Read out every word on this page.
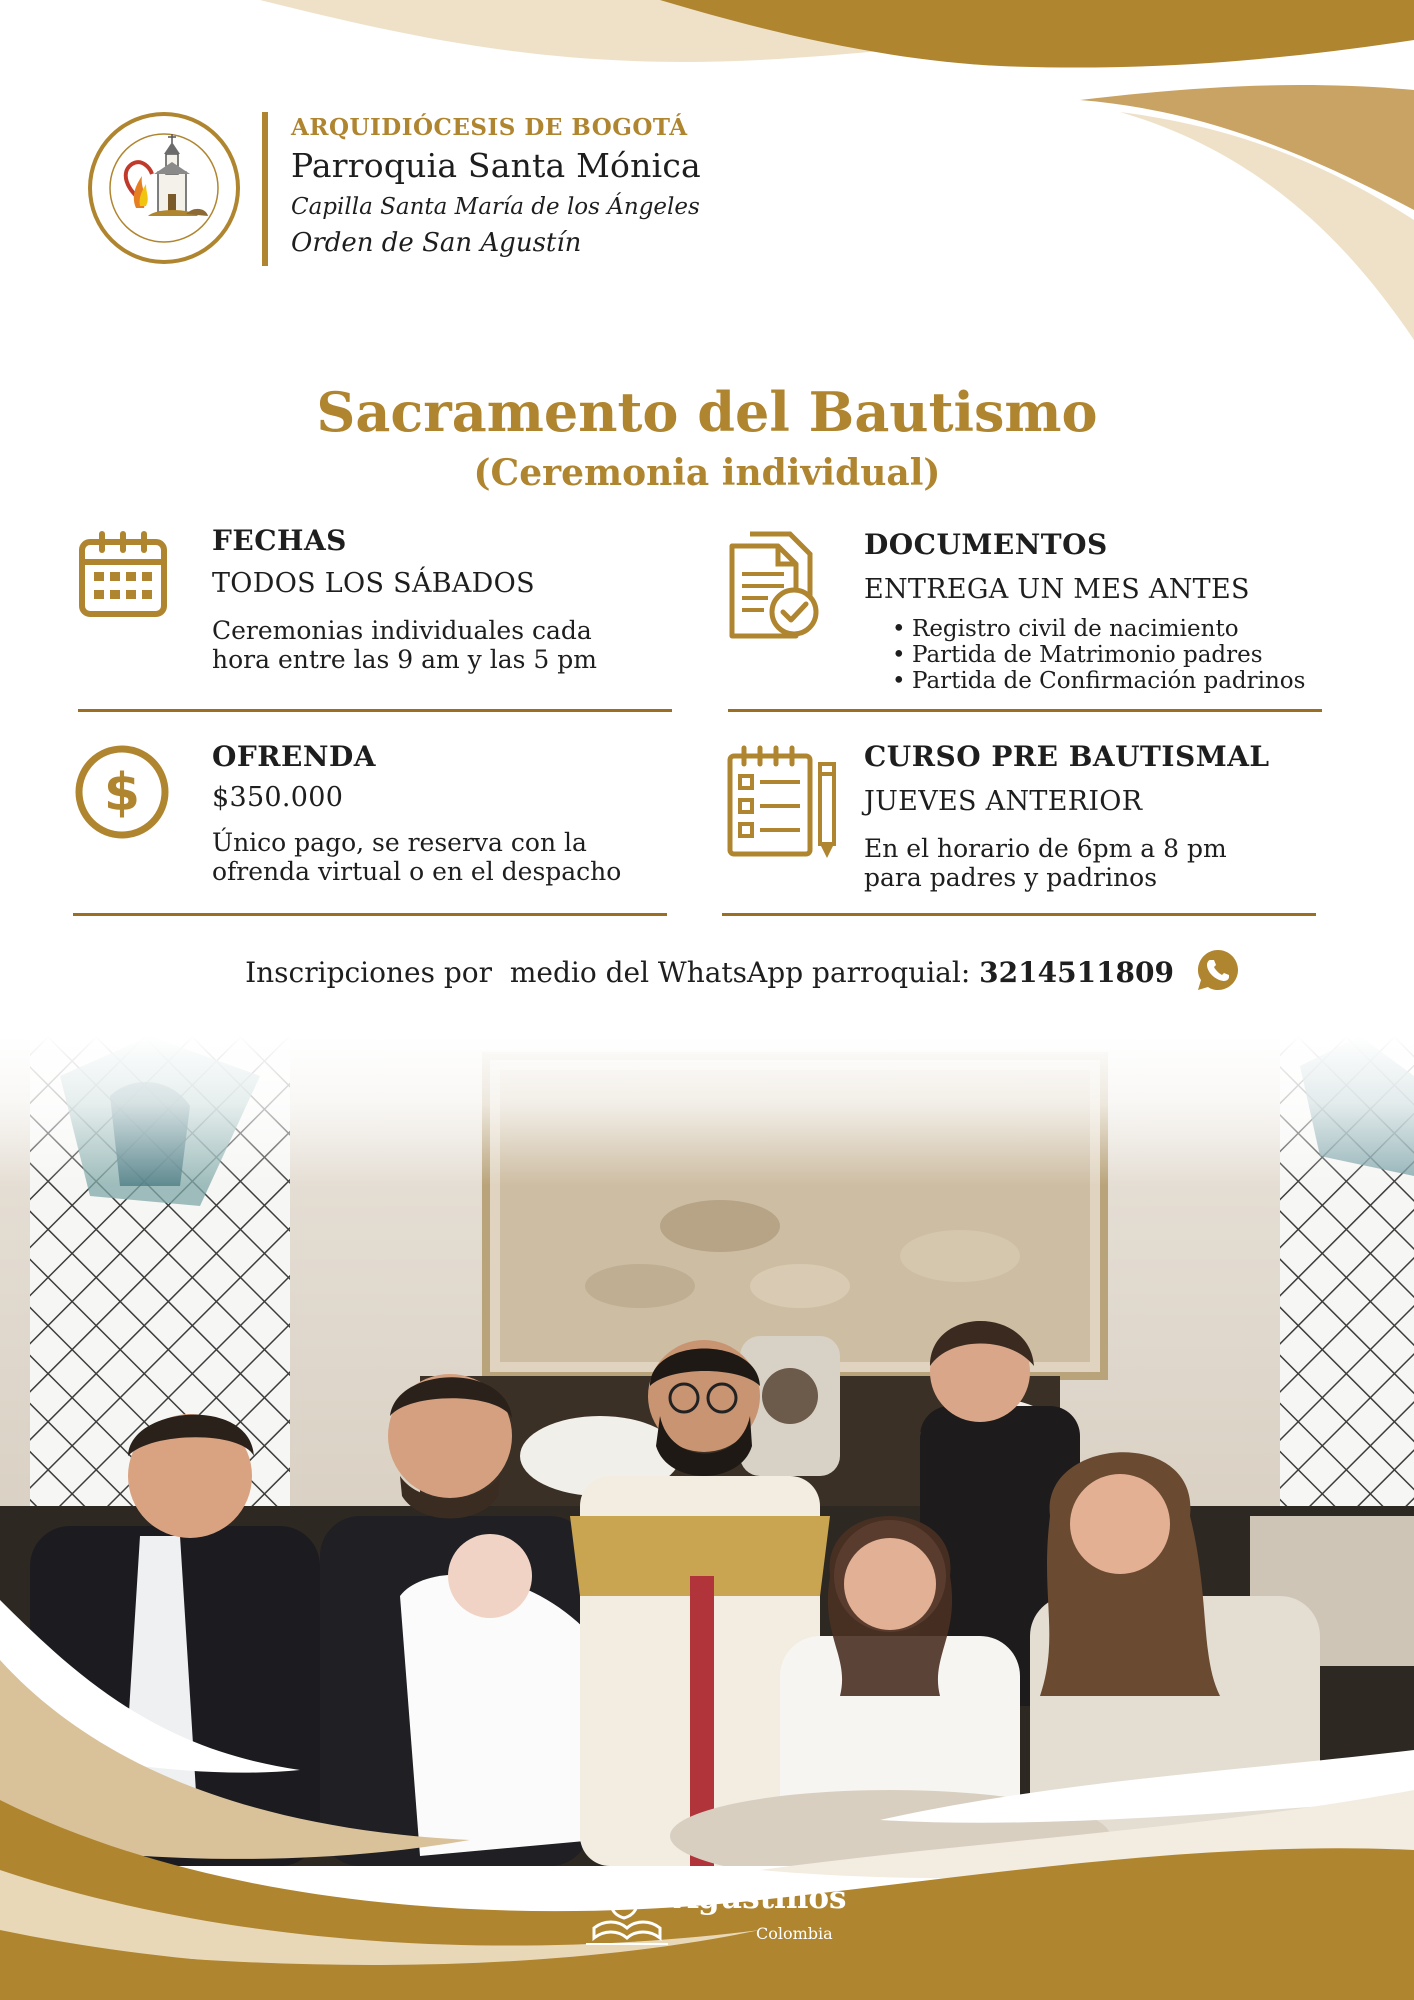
ARQUIDIÓCESIS DE BOGOTÁ
Parroquia Santa Mónica
Capilla Santa María de los Ángeles
Orden de San Agustín
Sacramento del Bautismo
(Ceremonia individual)
FECHAS
TODOS LOS SÁBADOS
Ceremonias individuales cada
hora entre las 9 am y las 5 pm
DOCUMENTOS
ENTREGA UN MES ANTES
• Registro civil de nacimiento
• Partida de Matrimonio padres
• Partida de Confirmación padrinos
$
OFRENDA
$350.000
Único pago, se reserva con la
ofrenda virtual o en el despacho
CURSO PRE BAUTISMAL
JUEVES ANTERIOR
En el horario de 6pm a 8 pm
para padres y padrinos
Inscripciones por  medio del WhatsApp parroquial: 3214511809
Agustinos
Colombia
